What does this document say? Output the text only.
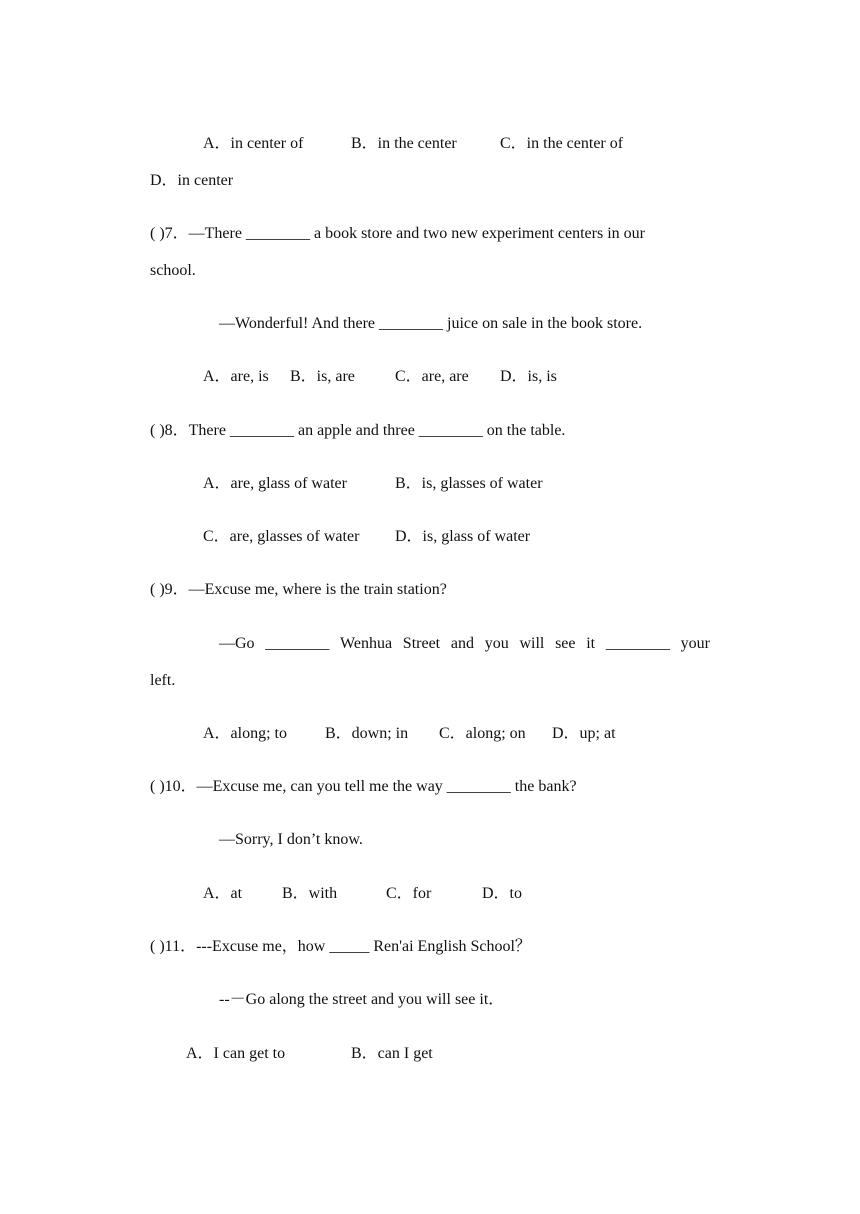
A．in center of	B．in the center	C．in the center of
D．in center
( )7．—There ________ a book store and two new experiment centers in our
school.
—Wonderful! And there ________ juice on sale in the book store.
A．are, is B．is, are	C．are, are D．is, is
( )8．There ________ an apple and three ________ on the table.
A．are, glass of water	B．is, glasses of water
C．are, glasses of water D．is, glass of water
( )9．—Excuse me, where is the train station?
—Go ________ Wenhua Street and you will see it ________ your
left.
A．along; to B．down; in C．along; on D．up; at
( )10．—Excuse me, can you tell me the way ________ the bank?
—Sorry, I don’t know.
A．at B．with	C．for	D．to
( )11．---Excuse me，how _____ Ren'ai English School？
--－Go along the street and you will see it．
A．I can get to	B．can I get
